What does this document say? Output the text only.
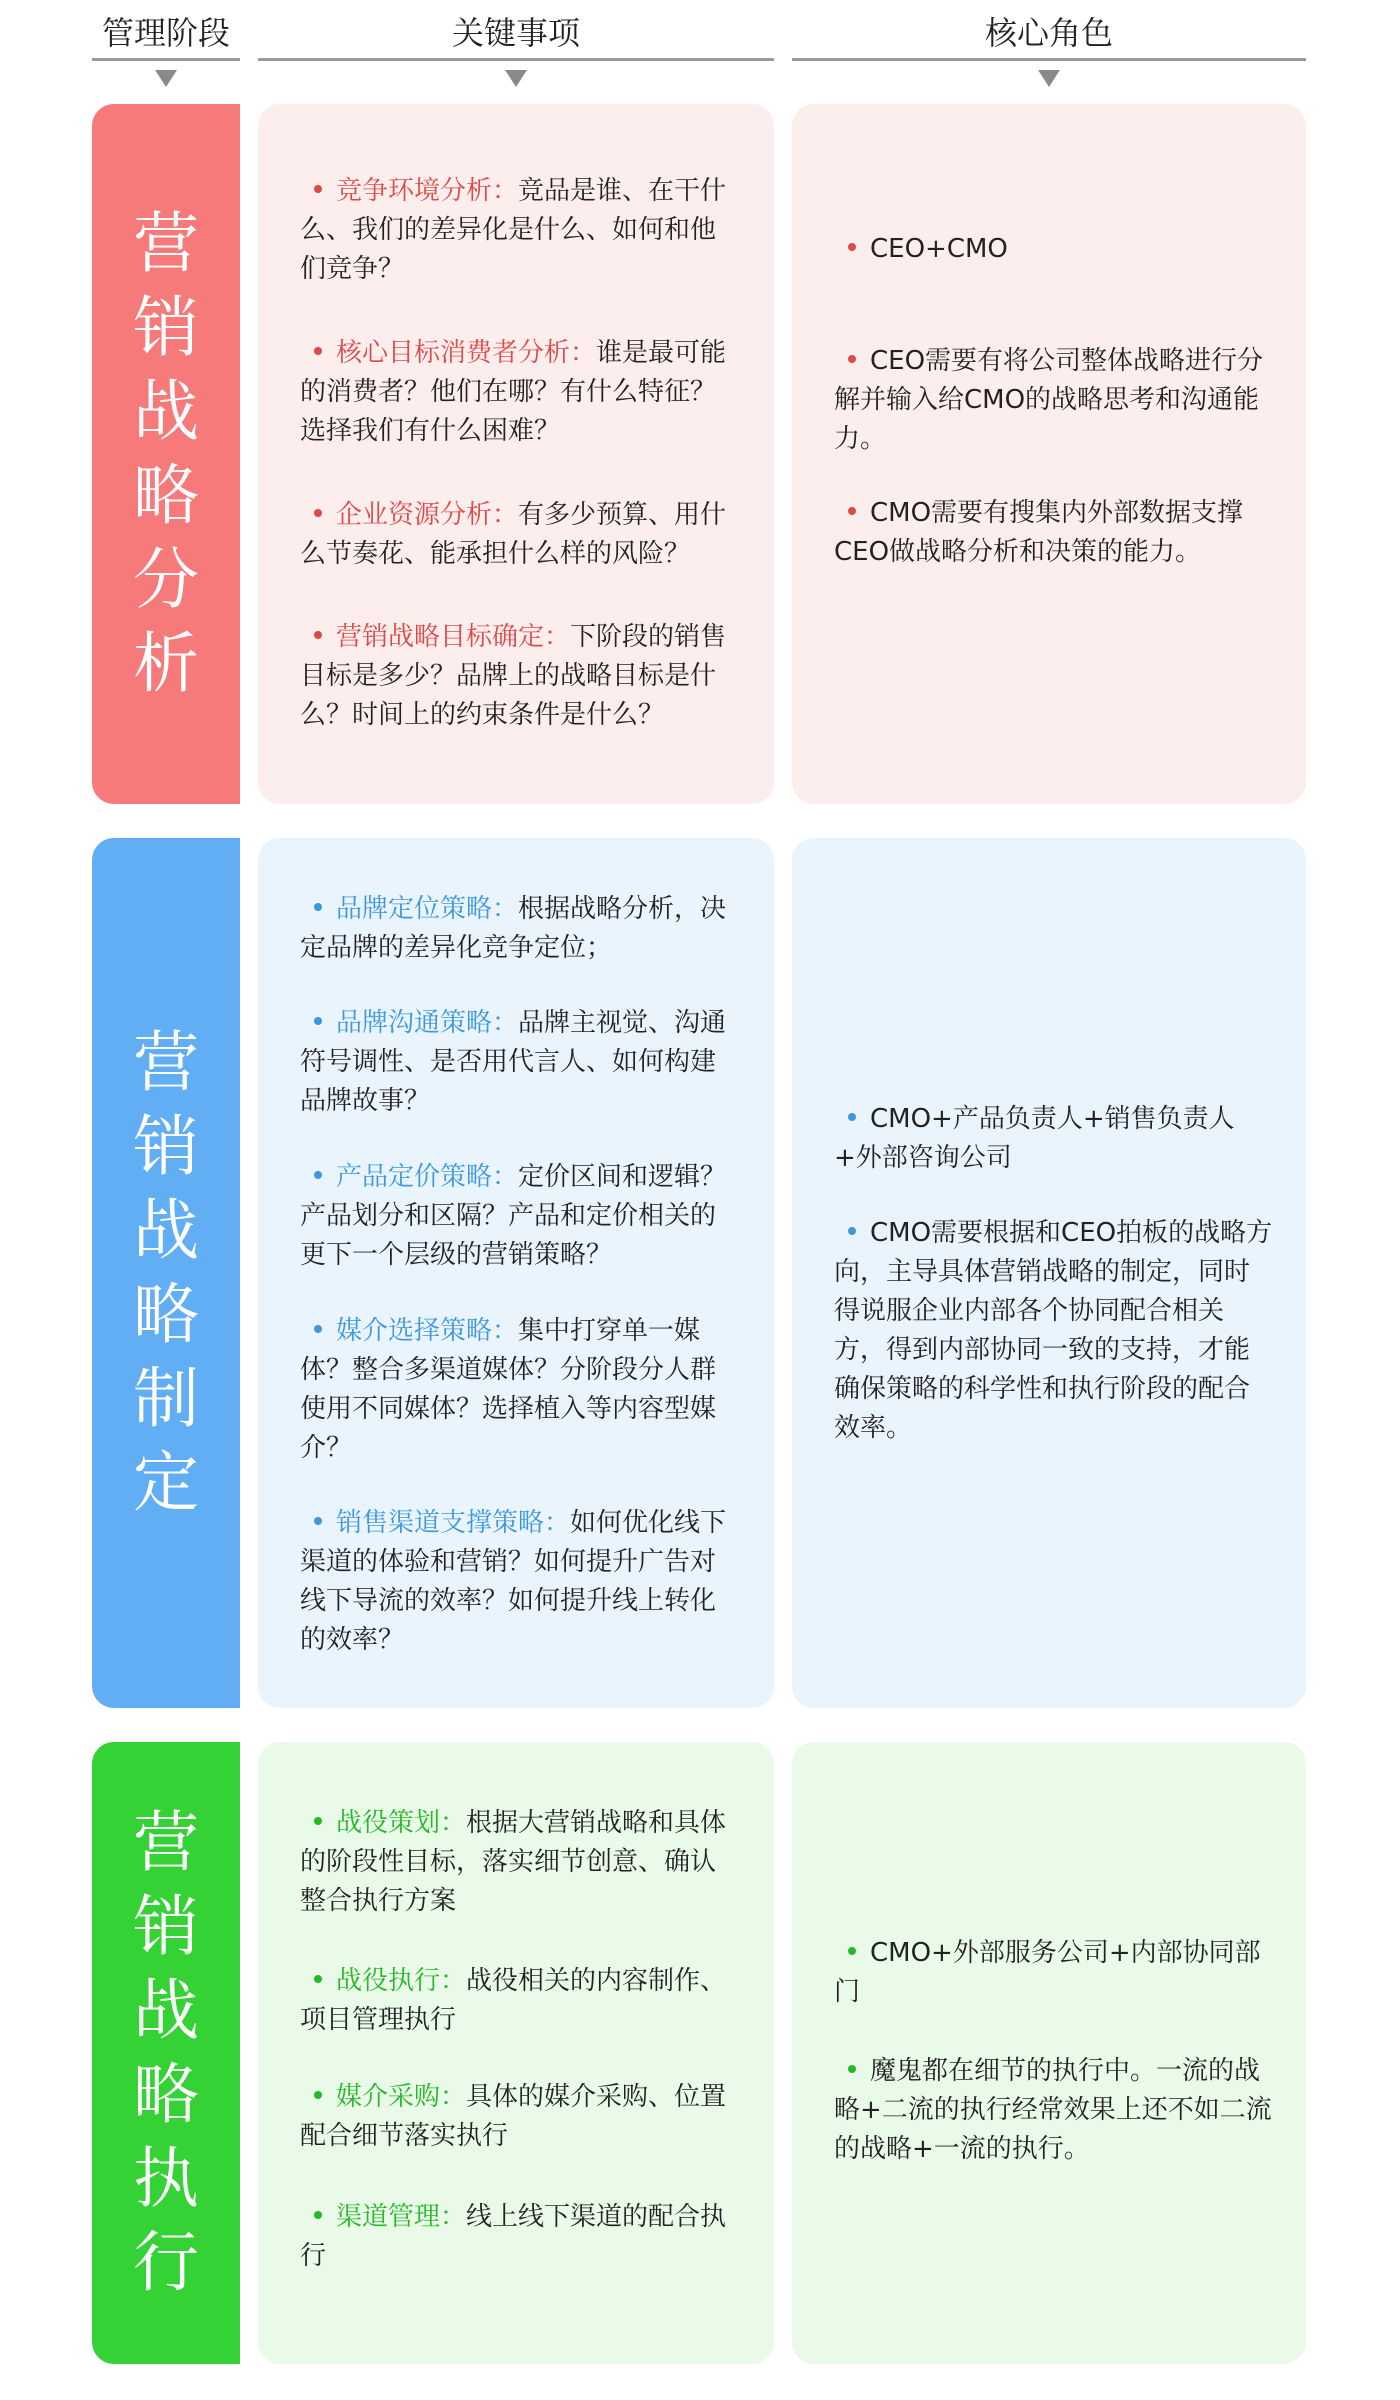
管理阶段	关键事项	核心角色
营
销
战
略
分
析
竞争环境分析：竞品是谁、在干什么、我们的差异化是什么、如何和他们竞争？
核心目标消费者分析：谁是最可能的消费者？他们在哪？有什么特征？选择我们有什么困难？
企业资源分析：有多少预算、用什么节奏花、能承担什么样的风险？
营销战略目标确定：下阶段的销售目标是多少？品牌上的战略目标是什么？时间上的约束条件是什么？
CEO+CMO
CEO需要有将公司整体战略进行分解并输入给CMO的战略思考和沟通能力。
CMO需要有搜集内外部数据支撑CEO做战略分析和决策的能力。
营
销
战
略
制
定
品牌定位策略：根据战略分析，决定品牌的差异化竞争定位；
品牌沟通策略：品牌主视觉、沟通符号调性、是否用代言人、如何构建品牌故事？
产品定价策略：定价区间和逻辑？产品划分和区隔？产品和定价相关的更下一个层级的营销策略？
媒介选择策略：集中打穿单一媒体？整合多渠道媒体？分阶段分人群使用不同媒体？选择植入等内容型媒介？
销售渠道支撑策略：如何优化线下渠道的体验和营销？如何提升广告对线下导流的效率？如何提升线上转化的效率？
CMO+产品负责人+销售负责人+外部咨询公司
CMO需要根据和CEO拍板的战略方向，主导具体营销战略的制定，同时得说服企业内部各个协同配合相关方，得到内部协同一致的支持，才能确保策略的科学性和执行阶段的配合效率。
营
销
战
略
执
行
战役策划：根据大营销战略和具体的阶段性目标，落实细节创意、确认整合执行方案
战役执行：战役相关的内容制作、项目管理执行
媒介采购：具体的媒介采购、位置配合细节落实执行
渠道管理：线上线下渠道的配合执行
CMO+外部服务公司+内部协同部门
魔鬼都在细节的执行中。一流的战略+二流的执行经常效果上还不如二流的战略+一流的执行。
